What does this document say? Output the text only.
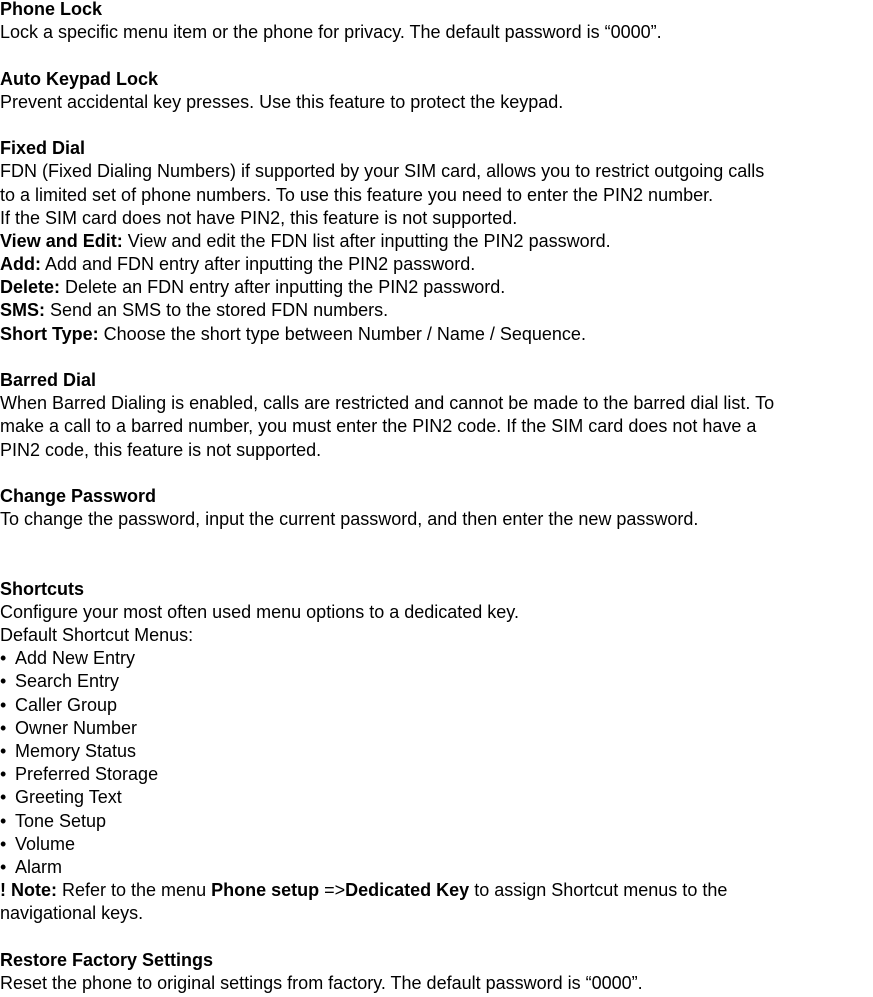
Phone Lock

Lock a specific menu item or the phone for privacy. The default password is “0000”.

Auto Keypad Lock

Prevent accidental key presses. Use this feature to protect the keypad.

Fixed Dial

FDN (Fixed Dialing Numbers) if supported by your SIM card, allows you to restrict outgoing calls

to a limited set of phone numbers. To use this feature you need to enter the PIN2 number.

If the SIM card does not have PIN2, this feature is not supported.

View and Edit: View and edit the FDN list after inputting the PIN2 password.

Add: Add and FDN entry after inputting the PIN2 password.

Delete: Delete an FDN entry after inputting the PIN2 password.

SMS: Send an SMS to the stored FDN numbers.

Short Type: Choose the short type between Number / Name / Sequence.

Barred Dial

When Barred Dialing is enabled, calls are restricted and cannot be made to the barred dial list. To

make a call to a barred number, you must enter the PIN2 code. If the SIM card does not have a

PIN2 code, this feature is not supported.

Change Password

To change the password, input the current password, and then enter the new password.

Shortcuts

Configure your most often used menu options to a dedicated key.

Default Shortcut Menus:

• Add New Entry
• Search Entry
• Caller Group
• Owner Number
• Memory Status
• Preferred Storage
• Greeting Text
• Tone Setup
• Volume
• Alarm

! Note: Refer to the menu Phone setup =>Dedicated Key to assign Shortcut menus to the

navigational keys.

Restore Factory Settings

Reset the phone to original settings from factory. The default password is “0000”.
